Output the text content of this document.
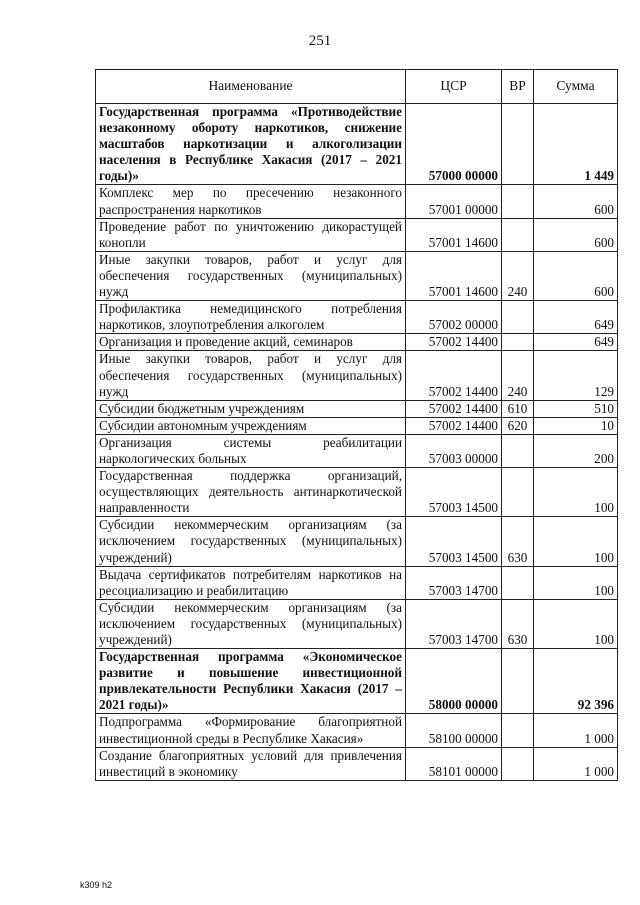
251
Наименование	ЦСР	ВР	Сумма
Государственная программа «Противодействие незаконному обороту наркотиков, снижение масштабов наркотизации и алкоголизации населения в Республике Хакасия (2017 – 2021 годы)»	57000 00000		1 449
Комплекс мер по пресечению незаконного распространения наркотиков	57001 00000		600
Проведение работ по уничтожению дикорастущей конопли	57001 14600		600
Иные закупки товаров, работ и услуг для обеспечения государственных (муниципальных) нужд	57001 14600	240	600
Профилактика немедицинского потребления наркотиков, злоупотребления алкоголем	57002 00000		649
Организация и проведение акций, семинаров	57002 14400		649
Иные закупки товаров, работ и услуг для обеспечения государственных (муниципальных) нужд	57002 14400	240	129
Субсидии бюджетным учреждениям	57002 14400	610	510
Субсидии автономным учреждениям	57002 14400	620	10
Организация системы реабилитации наркологических больных	57003 00000		200
Государственная поддержка организаций, осуществляющих деятельность антинаркотической направленности	57003 14500		100
Субсидии некоммерческим организациям (за исключением государственных (муниципальных) учреждений)	57003 14500	630	100
Выдача сертификатов потребителям наркотиков на ресоциализацию и реабилитацию	57003 14700		100
Субсидии некоммерческим организациям (за исключением государственных (муниципальных) учреждений)	57003 14700	630	100
Государственная программа «Экономическое развитие и повышение инвестиционной привлекательности Республики Хакасия (2017 – 2021 годы)»	58000 00000		92 396
Подпрограмма «Формирование благоприятной инвестиционной среды в Республике Хакасия»	58100 00000		1 000
Создание благоприятных условий для привлечения инвестиций в экономику	58101 00000		1 000
k309 h2
